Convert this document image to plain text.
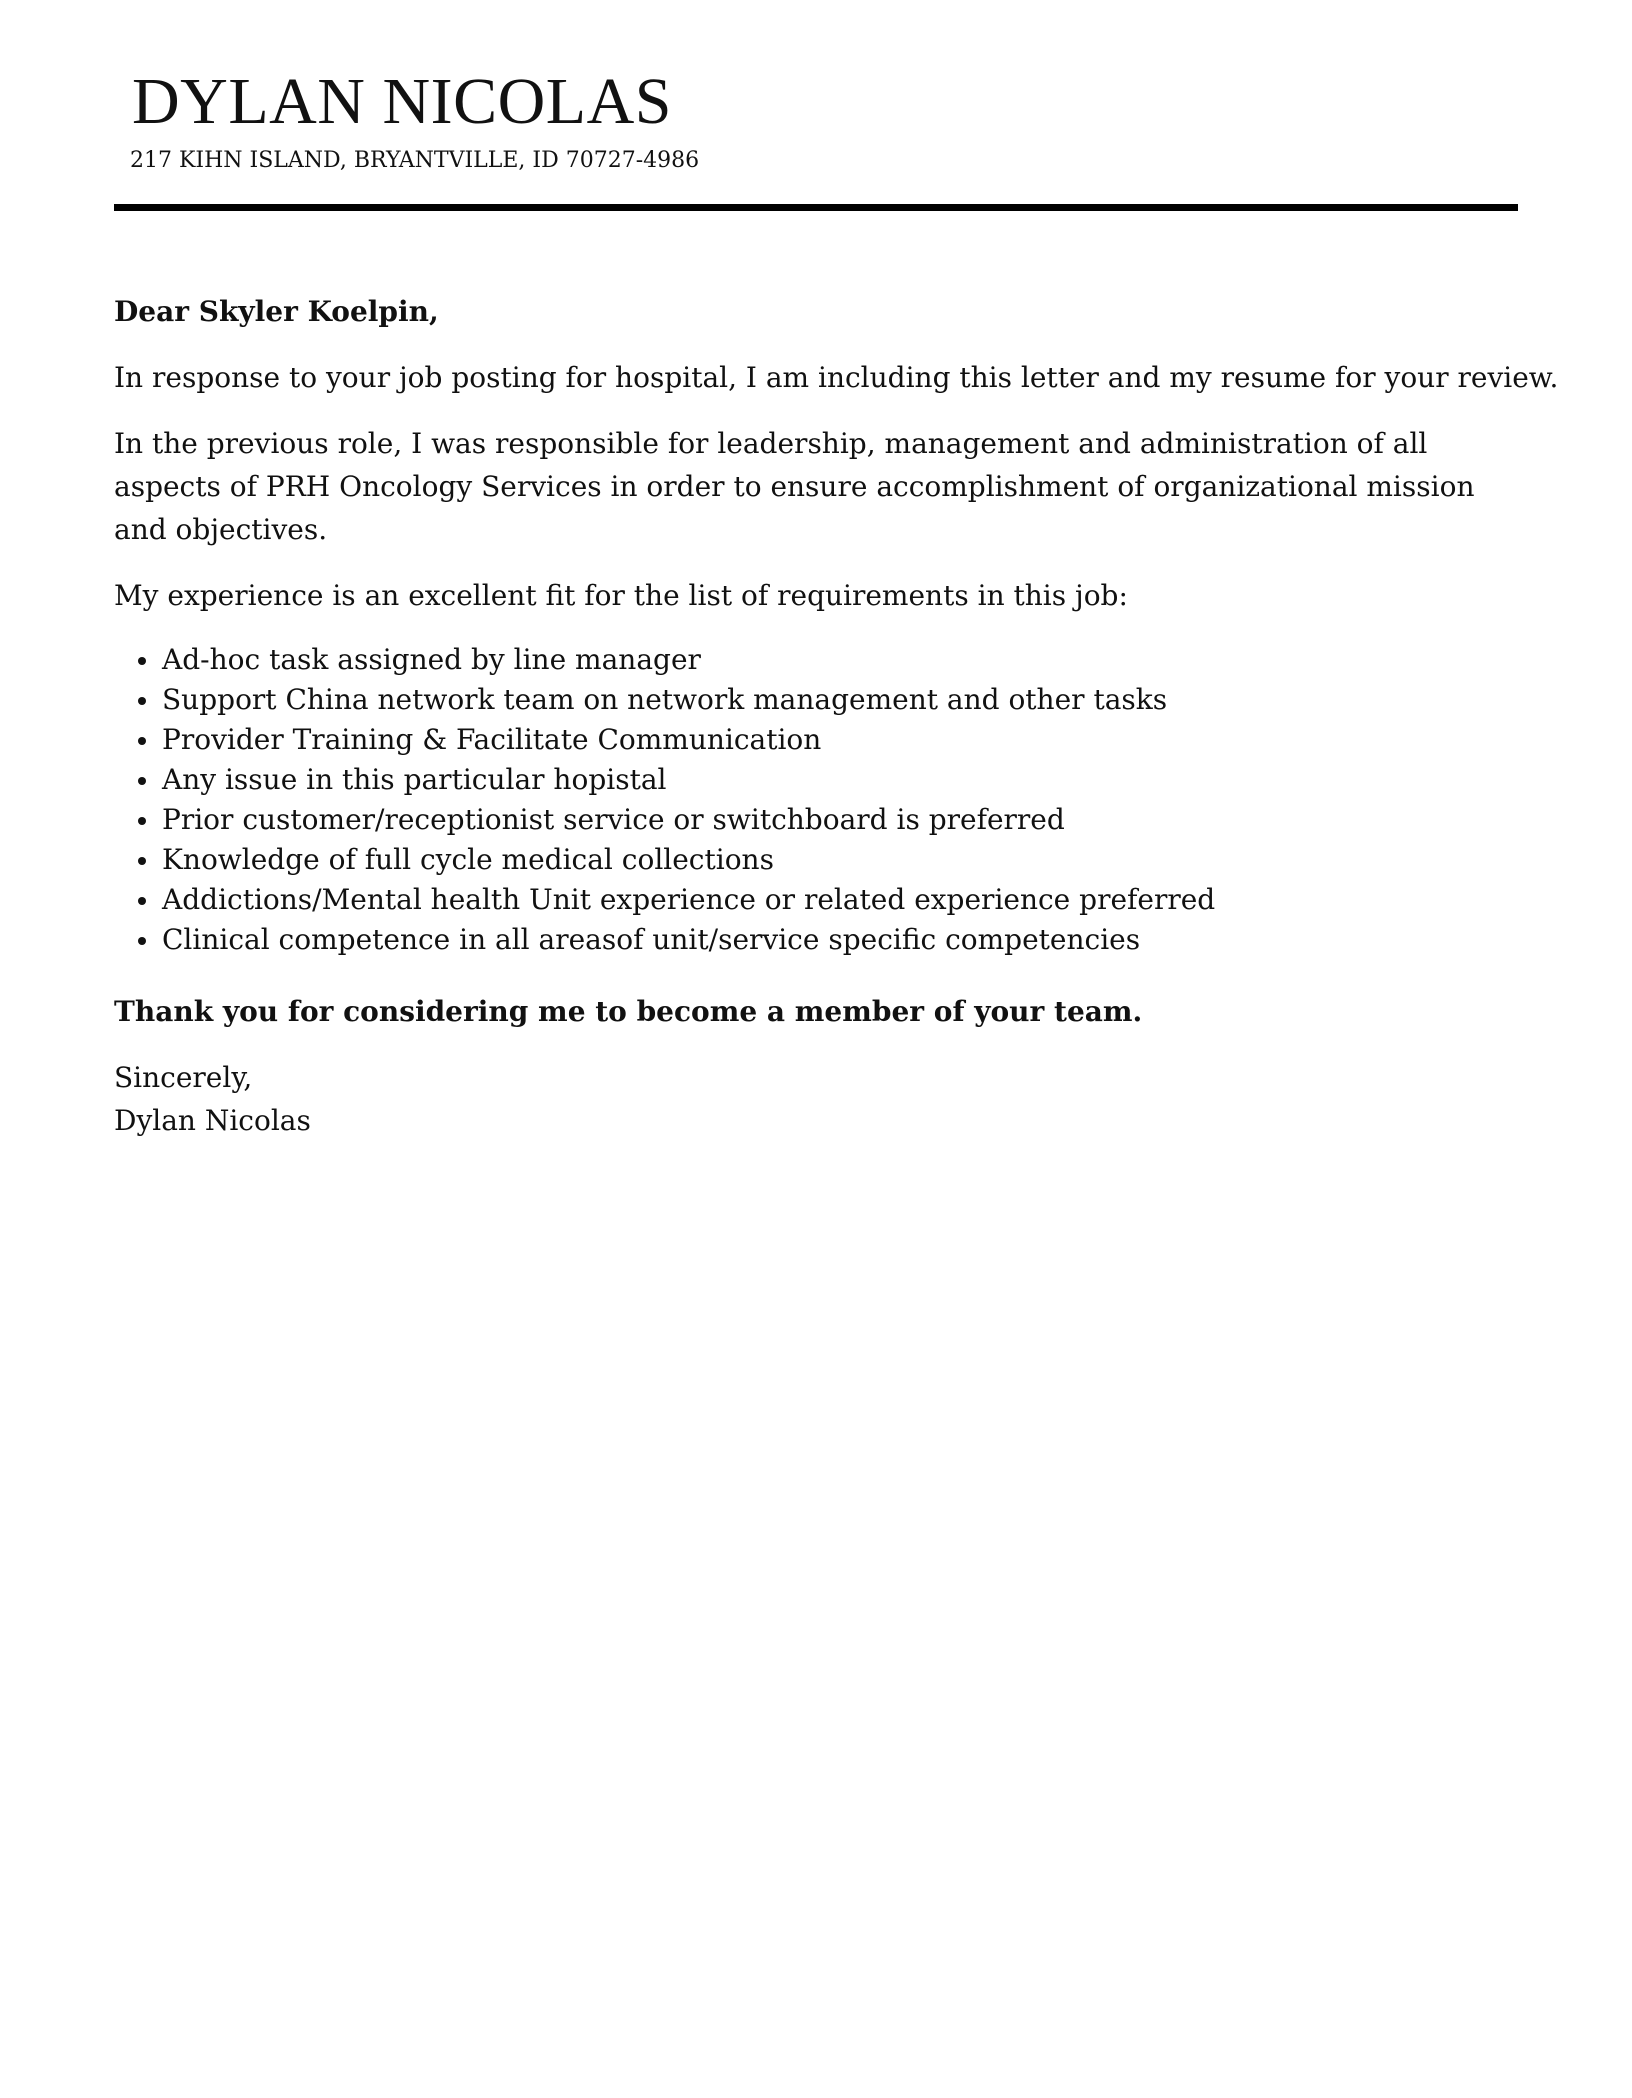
DYLAN NICOLAS
217 KIHN ISLAND, BRYANTVILLE, ID 70727-4986

Dear Skyler Koelpin,

In response to your job posting for hospital, I am including this letter and my resume for your review.

In the previous role, I was responsible for leadership, management and administration of all aspects of PRH Oncology Services in order to ensure accomplishment of organizational mission and objectives.

My experience is an excellent fit for the list of requirements in this job:

Ad-hoc task assigned by line manager
Support China network team on network management and other tasks
Provider Training & Facilitate Communication
Any issue in this particular hopistal
Prior customer/receptionist service or switchboard is preferred
Knowledge of full cycle medical collections
Addictions/Mental health Unit experience or related experience preferred
Clinical competence in all areasof unit/service specific competencies

Thank you for considering me to become a member of your team.

Sincerely,
Dylan Nicolas
